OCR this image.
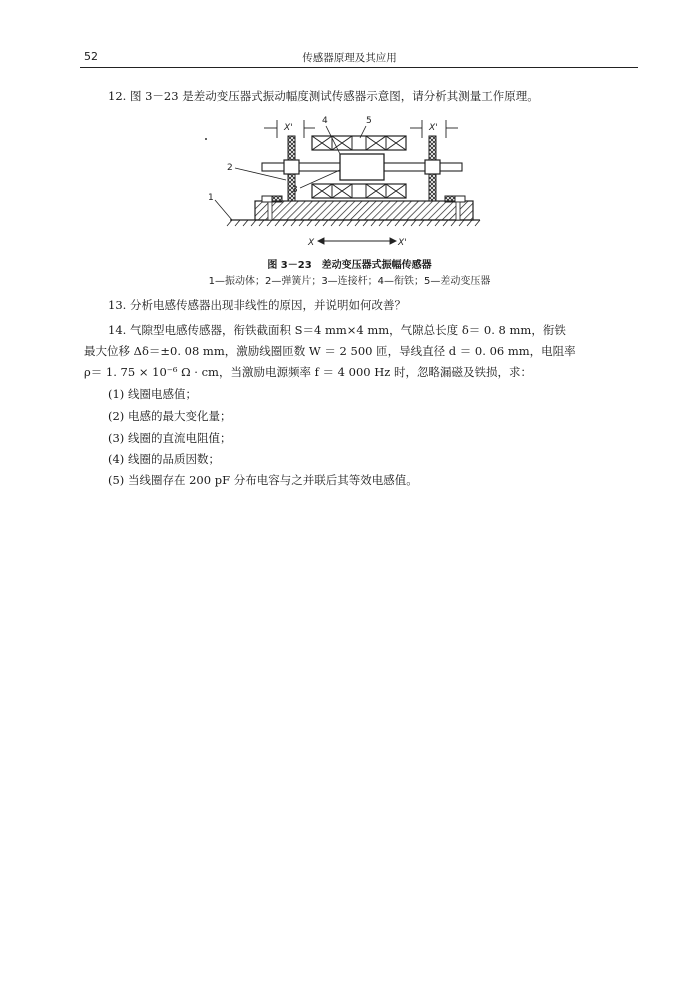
52	传感器原理及其应用
12. 图 3－23 是差动变压器式振动幅度测试传感器示意图，请分析其测量工作原理。
X'	X'
1
2
3
4	5
X	X'
图 3－23　差动变压器式振幅传感器
1—振动体；2—弹簧片；3—连接杆；4—衔铁；5—差动变压器
13. 分析电感传感器出现非线性的原因，并说明如何改善？
14. 气隙型电感传感器，衔铁截面积 S＝4 mm×4 mm，气隙总长度 δ＝ 0. 8 mm，衔铁
最大位移 Δδ＝±0. 08 mm，激励线圈匝数 W ＝ 2 500 匝，导线直径 d ＝ 0. 06 mm，电阻率
ρ＝ 1. 75 × 10⁻⁶ Ω · cm，当激励电源频率 f ＝ 4 000 Hz 时，忽略漏磁及铁损，求：
(1) 线圈电感值；
(2) 电感的最大变化量；
(3) 线圈的直流电阻值；
(4) 线圈的品质因数；
(5) 当线圈存在 200 pF 分布电容与之并联后其等效电感值。
